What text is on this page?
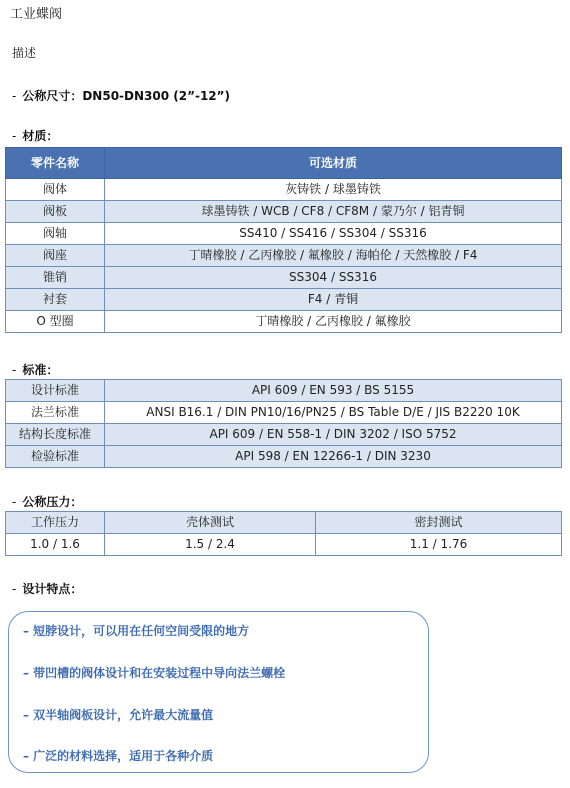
工业蝶阀
描述
- 公称尺寸：DN50-DN300 (2”-12”)
- 材质：
零件名称	可选材质
阀体	灰铸铁 / 球墨铸铁
阀板	球墨铸铁 / WCB / CF8 / CF8M / 蒙乃尔 / 铝青铜
阀轴	SS410 / SS416 / SS304 / SS316
阀座	丁晴橡胶 / 乙丙橡胶 / 氟橡胶 / 海帕伦 / 天然橡胶 / F4
锥销	SS304 / SS316
衬套	F4 / 青铜
O 型圈	丁晴橡胶 / 乙丙橡胶 / 氟橡胶
- 标准：
设计标准	API 609 / EN 593 / BS 5155
法兰标准	ANSI B16.1 / DIN PN10/16/PN25 / BS Table D/E / JIS B2220 10K
结构长度标准	API 609 / EN 558-1 / DIN 3202 / ISO 5752
检验标准	API 598 / EN 12266-1 / DIN 3230
- 公称压力：
工作压力	壳体测试	密封测试
1.0 / 1.6	1.5 / 2.4	1.1 / 1.76
- 设计特点：
– 短脖设计，可以用在任何空间受限的地方
– 带凹槽的阀体设计和在安装过程中导向法兰螺栓
– 双半轴阀板设计，允许最大流量值
– 广泛的材料选择，适用于各种介质
